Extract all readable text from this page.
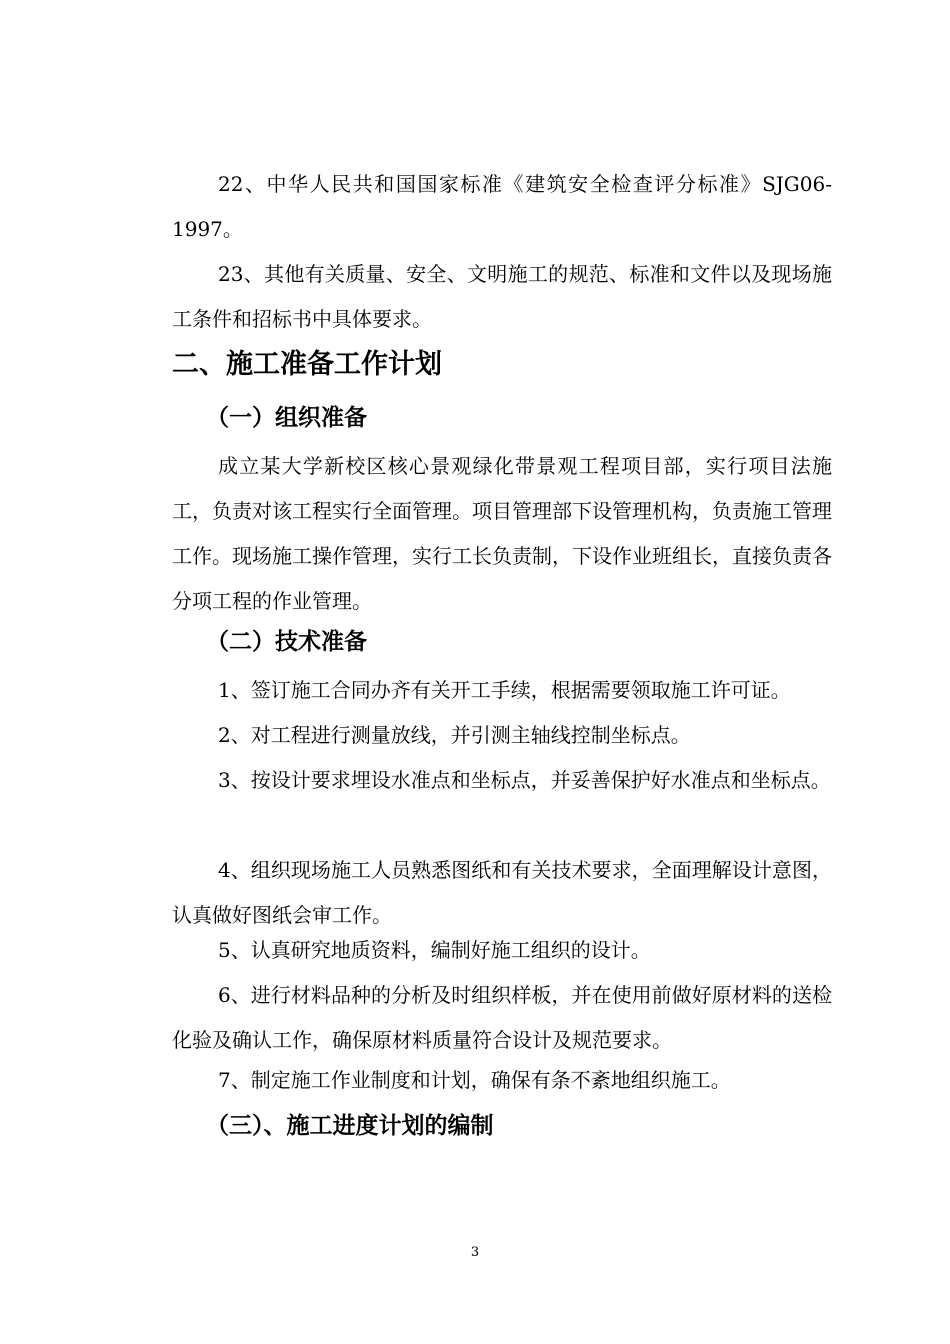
22、中华人民共和国国家标准《建筑安全检查评分标准》SJG06-1997。

23、其他有关质量、安全、文明施工的规范、标准和文件以及现场施工条件和招标书中具体要求。

二、施工准备工作计划
（一）组织准备

成立某大学新校区核心景观绿化带景观工程项目部，实行项目法施工，负责对该工程实行全面管理。项目管理部下设管理机构，负责施工管理工作。现场施工操作管理，实行工长负责制，下设作业班组长，直接负责各分项工程的作业管理。

（二）技术准备

1、签订施工合同办齐有关开工手续，根据需要领取施工许可证。

2、对工程进行测量放线，并引测主轴线控制坐标点。

3、按设计要求埋设水准点和坐标点，并妥善保护好水准点和坐标点。

4、组织现场施工人员熟悉图纸和有关技术要求，全面理解设计意图，认真做好图纸会审工作。

5、认真研究地质资料，编制好施工组织的设计。

6、进行材料品种的分析及时组织样板，并在使用前做好原材料的送检化验及确认工作，确保原材料质量符合设计及规范要求。

7、制定施工作业制度和计划，确保有条不紊地组织施工。

（三）、施工进度计划的编制
3
